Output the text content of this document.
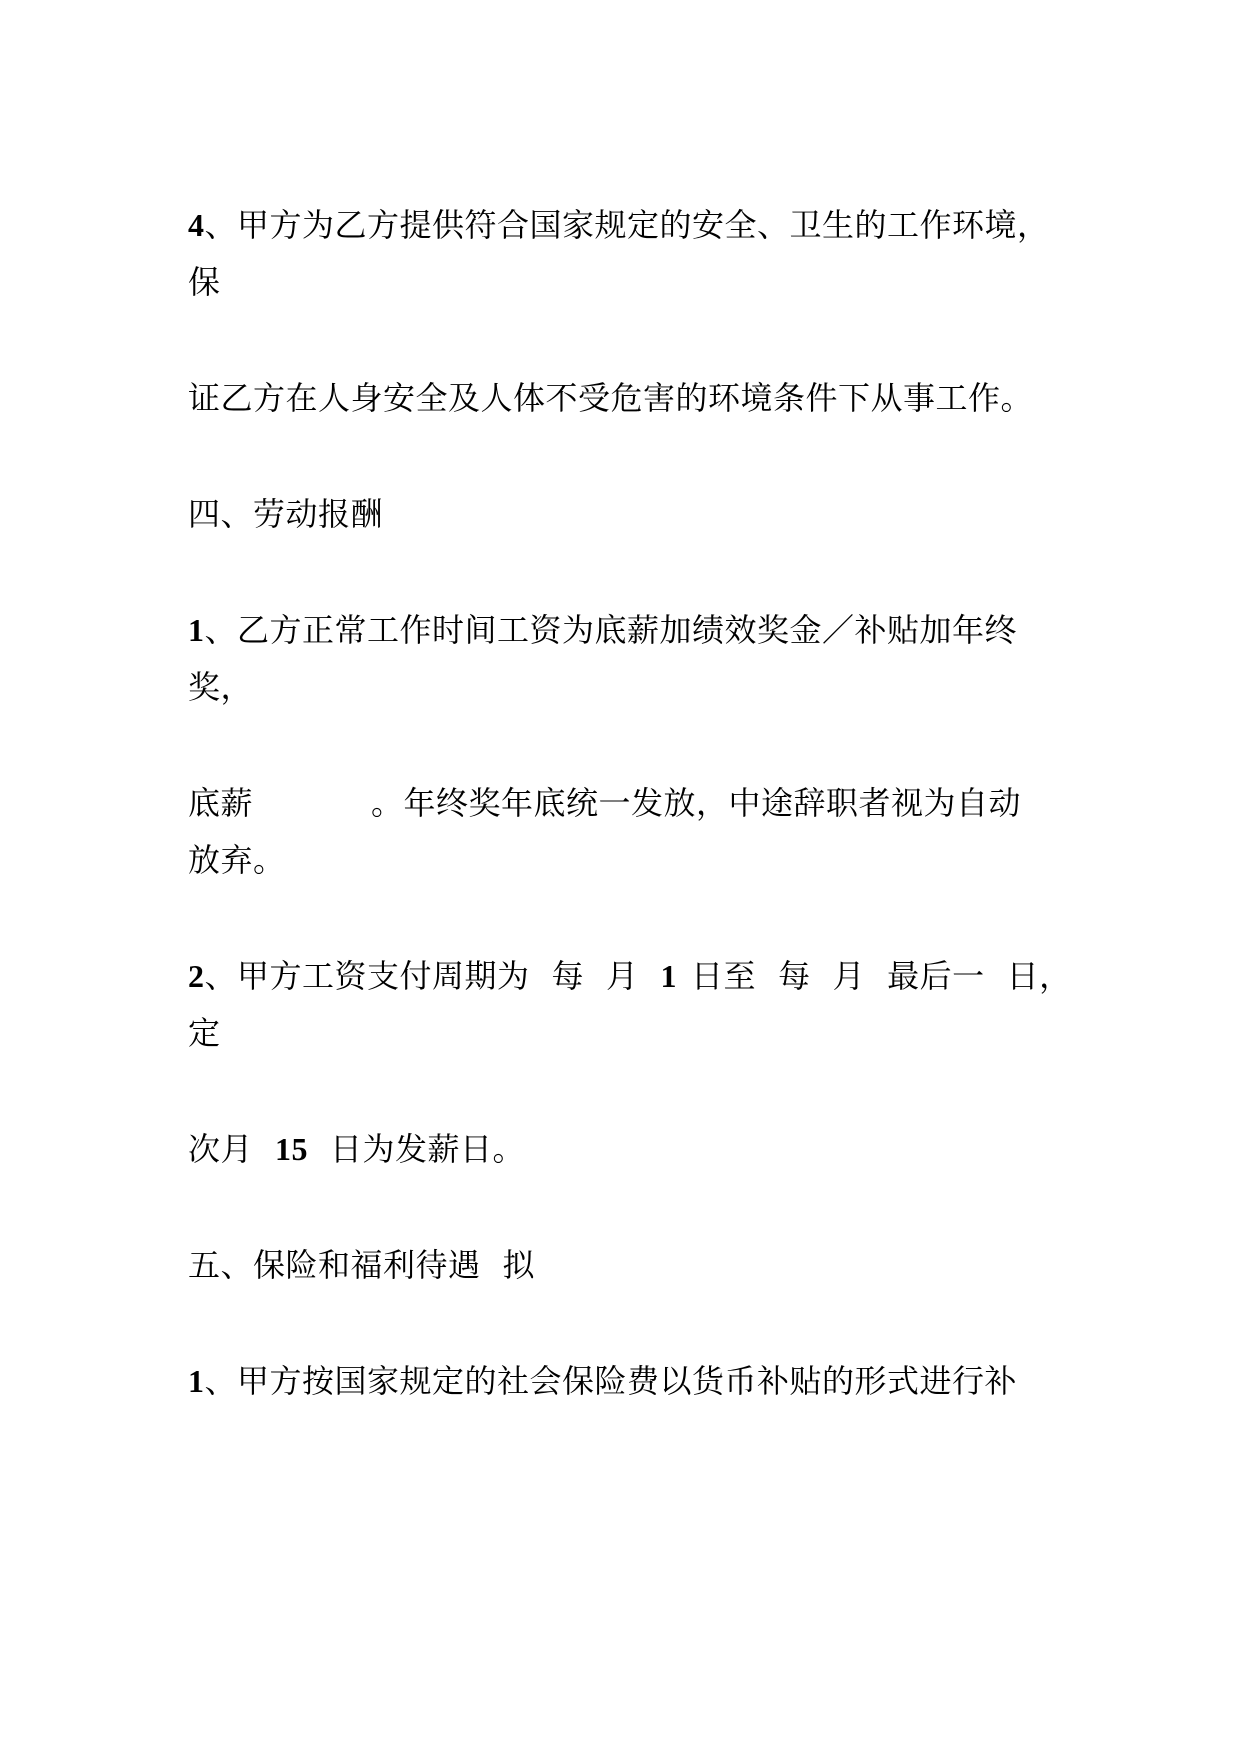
4、甲方为乙方提供符合国家规定的安全、卫生的工作环境，
保
证乙方在人身安全及人体不受危害的环境条件下从事工作。
四、劳动报酬
1、乙方正常工作时间工资为底薪加绩效奖金／补贴加年终
奖，
底薪	。年终奖年底统一发放，中途辞职者视为自动
放弃。
2、甲方工资支付周期为 每 月 1 日至 每 月 最后一 日，
定
次月 15 日为发薪日。
五、保险和福利待遇 拟
1、甲方按国家规定的社会保险费以货币补贴的形式进行补
